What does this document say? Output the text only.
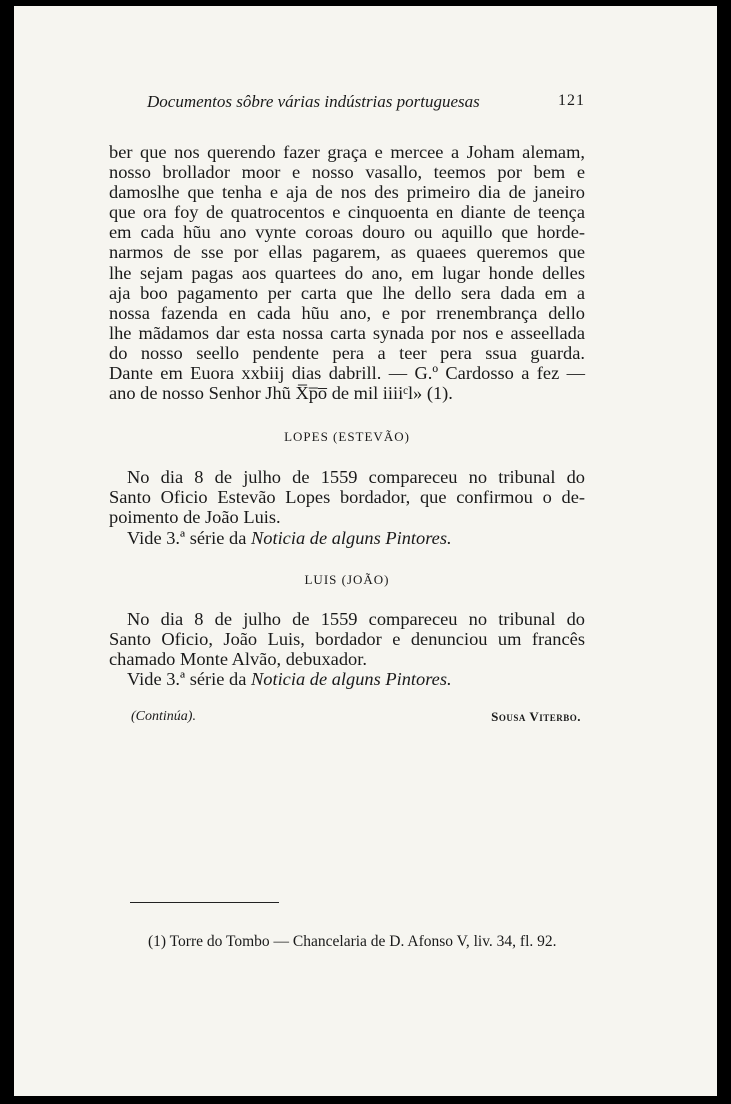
Documentos sôbre várias indústrias portuguesas	121

ber que nos querendo fazer graça e mercee a Joham alemam,
nosso brollador moor e nosso vasallo, teemos por bem e
damoslhe que tenha e aja de nos des primeiro dia de janeiro
que ora foy de quatrocentos e cinquoenta en diante de teença
em cada hũu ano vynte coroas douro ou aquillo que horde-
narmos de sse por ellas pagarem, as quaees queremos que
lhe sejam pagas aos quartees do ano, em lugar honde delles
aja boo pagamento per carta que lhe dello sera dada em a
nossa fazenda en cada hũu ano, e por rrenembrança dello
lhe mãdamos dar esta nossa carta synada por nos e asseellada
do nosso seello pendente pera a teer pera ssua guarda.
Dante em Euora xxbiij dias dabrill. — G.º Cardosso a fez —
ano de nosso Senhor Jhũ X̅p̅o̅ de mil iiiiᶜl» (1).

LOPES (ESTEVÃO)

No dia 8 de julho de 1559 compareceu no tribunal do
Santo Oficio Estevão Lopes bordador, que confirmou o de-
poimento de João Luis.
Vide 3.ª série da Noticia de alguns Pintores.

LUIS (JOÃO)

No dia 8 de julho de 1559 compareceu no tribunal do
Santo Oficio, João Luis, bordador e denunciou um francês
chamado Monte Alvão, debuxador.
Vide 3.ª série da Noticia de alguns Pintores.

(Continúa).	Sousa Viterbo.
(1) Torre do Tombo — Chancelaria de D. Afonso V, liv. 34, fl. 92.
